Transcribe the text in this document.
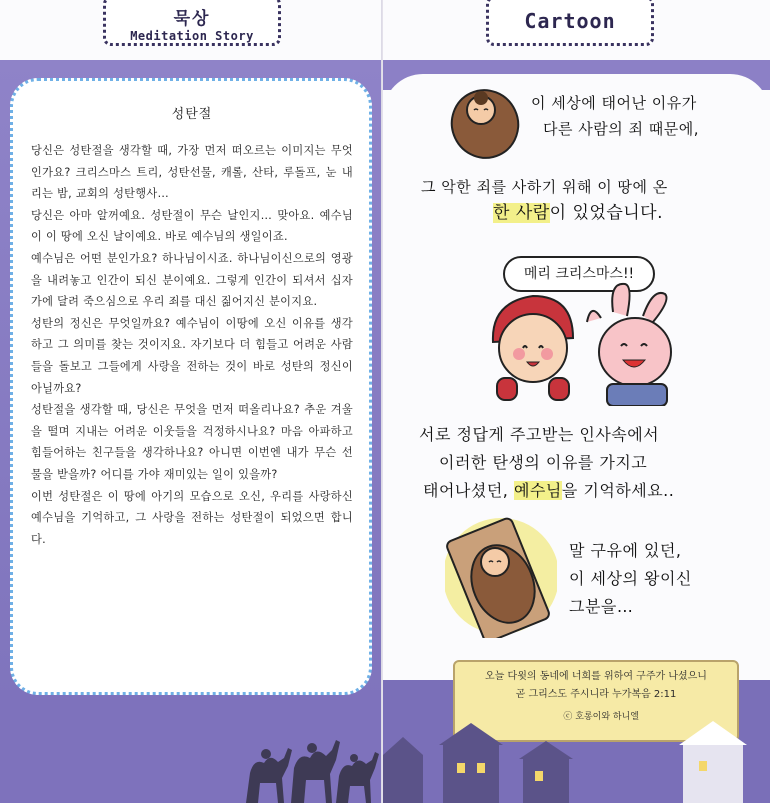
묵상
Meditation Story
성탄절

당신은 성탄절을 생각할 때, 가장 먼저 떠오르는 이미지는 무엇인가요? 크리스마스 트리, 성탄선물, 캐롤, 산타, 루돌프, 눈 내리는 밤, 교회의 성탄행사…

당신은 아마 알꺼예요. 성탄절이 무슨 날인지… 맞아요. 예수님이 이 땅에 오신 날이예요. 바로 예수님의 생일이죠.

예수님은 어떤 분인가요? 하나님이시죠. 하나님이신으로의 영광을 내려놓고 인간이 되신 분이예요. 그렇게 인간이 되셔서 십자가에 달려 죽으심으로 우리 죄를 대신 짊어지신 분이지요.

성탄의 정신은 무엇일까요? 예수님이 이땅에 오신 이유를 생각하고 그 의미를 찾는 것이지요. 자기보다 더 힘들고 어려운 사람들을 돌보고 그들에게 사랑을 전하는 것이 바로 성탄의 정신이 아닐까요?

성탄절을 생각할 때, 당신은 무엇을 먼저 떠올리나요? 추운 겨울을 떨며 지내는 어려운 이웃들을 걱정하시나요? 마음 아파하고 힘들어하는 친구들을 생각하나요? 아니면 이번엔 내가 무슨 선물을 받을까? 어디를 가야 재미있는 일이 있을까?

이번 성탄절은 이 땅에 아기의 모습으로 오신, 우리를 사랑하신 예수님을 기억하고, 그 사랑을 전하는 성탄절이 되었으면 합니다.

Cartoon
이 세상에 태어난 이유가
다른 사람의 죄 때문에,
그 악한 죄를 사하기 위해 이 땅에 온
한 사람이 있었습니다.
메리 크리스마스!!
서로 정답게 주고받는 인사속에서
이러한 탄생의 이유를 가지고
태어나셨던, 예수님을 기억하세요..
말 구유에 있던,
이 세상의 왕이신
그분을…
오늘 다윗의 동네에 너희를 위하여 구주가 나셨으니
곧 그리스도 주시니라 누가복음 2:11
ⓒ 호롱이와 하니엘
